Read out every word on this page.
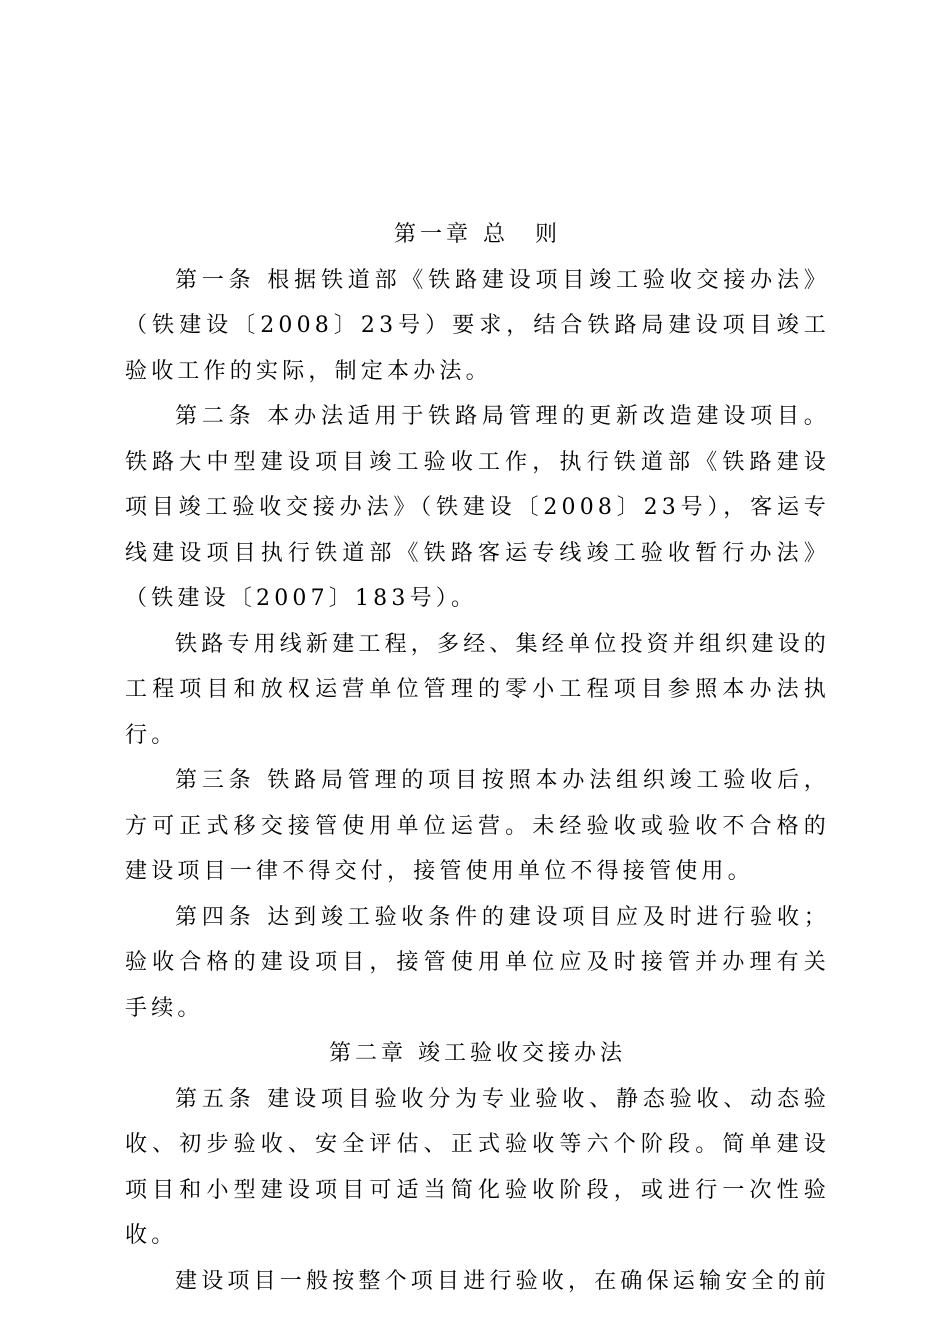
第一章 总　则

第一条 根据铁道部《铁路建设项目竣工验收交接办法》（铁建设〔2008〕23号）要求，结合铁路局建设项目竣工验收工作的实际，制定本办法。

第二条 本办法适用于铁路局管理的更新改造建设项目。铁路大中型建设项目竣工验收工作，执行铁道部《铁路建设项目竣工验收交接办法》（铁建设〔2008〕23号），客运专线建设项目执行铁道部《铁路客运专线竣工验收暂行办法》（铁建设〔2007〕183号）。

铁路专用线新建工程，多经、集经单位投资并组织建设的工程项目和放权运营单位管理的零小工程项目参照本办法执行。

第三条 铁路局管理的项目按照本办法组织竣工验收后，方可正式移交接管使用单位运营。未经验收或验收不合格的建设项目一律不得交付，接管使用单位不得接管使用。

第四条 达到竣工验收条件的建设项目应及时进行验收；验收合格的建设项目，接管使用单位应及时接管并办理有关手续。

第二章 竣工验收交接办法

第五条 建设项目验收分为专业验收、静态验收、动态验收、初步验收、安全评估、正式验收等六个阶段。简单建设项目和小型建设项目可适当简化验收阶段，或进行一次性验收。

建设项目一般按整个项目进行验收，在确保运输安全的前
